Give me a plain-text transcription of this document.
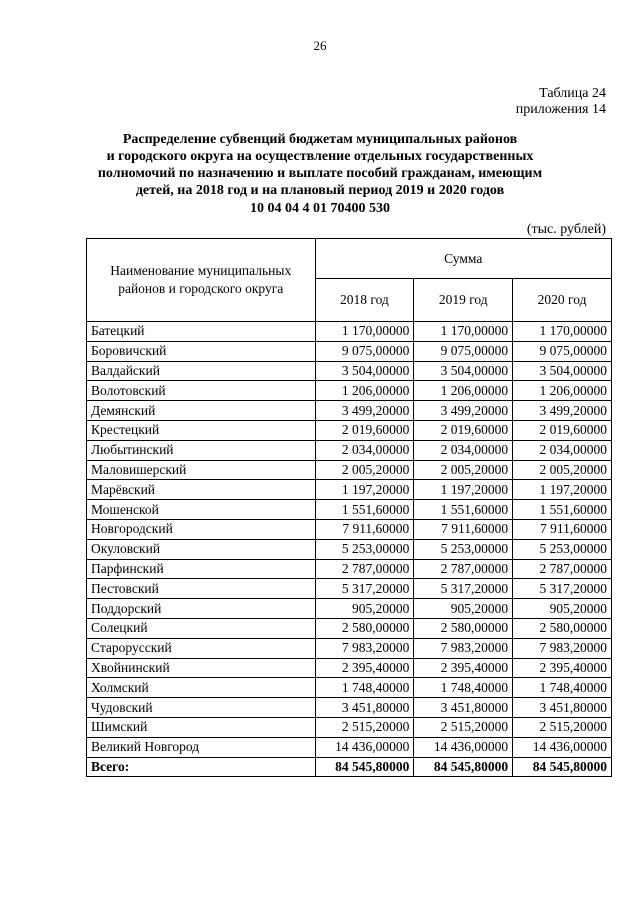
26
Таблица 24
приложения 14
Распределение субвенций бюджетам муниципальных районов
и городского округа на осуществление отдельных государственных
полномочий по назначению и выплате пособий гражданам, имеющим
детей, на 2018 год и на плановый период 2019 и 2020 годов
10 04 04 4 01 70400 530
(тыс. рублей)
Наименование муниципальных районов и городского округа	Сумма		
	2018 год	2019 год	2020 год
Батецкий	1 170,00000	1 170,00000	1 170,00000
Боровичский	9 075,00000	9 075,00000	9 075,00000
Валдайский	3 504,00000	3 504,00000	3 504,00000
Волотовский	1 206,00000	1 206,00000	1 206,00000
Демянский	3 499,20000	3 499,20000	3 499,20000
Крестецкий	2 019,60000	2 019,60000	2 019,60000
Любытинский	2 034,00000	2 034,00000	2 034,00000
Маловишерский	2 005,20000	2 005,20000	2 005,20000
Марёвский	1 197,20000	1 197,20000	1 197,20000
Мошенской	1 551,60000	1 551,60000	1 551,60000
Новгородский	7 911,60000	7 911,60000	7 911,60000
Окуловский	5 253,00000	5 253,00000	5 253,00000
Парфинский	2 787,00000	2 787,00000	2 787,00000
Пестовский	5 317,20000	5 317,20000	5 317,20000
Поддорский	905,20000	905,20000	905,20000
Солецкий	2 580,00000	2 580,00000	2 580,00000
Старорусский	7 983,20000	7 983,20000	7 983,20000
Хвойнинский	2 395,40000	2 395,40000	2 395,40000
Холмский	1 748,40000	1 748,40000	1 748,40000
Чудовский	3 451,80000	3 451,80000	3 451,80000
Шимский	2 515,20000	2 515,20000	2 515,20000
Великий Новгород	14 436,00000	14 436,00000	14 436,00000
Всего:	84 545,80000	84 545,80000	84 545,80000
